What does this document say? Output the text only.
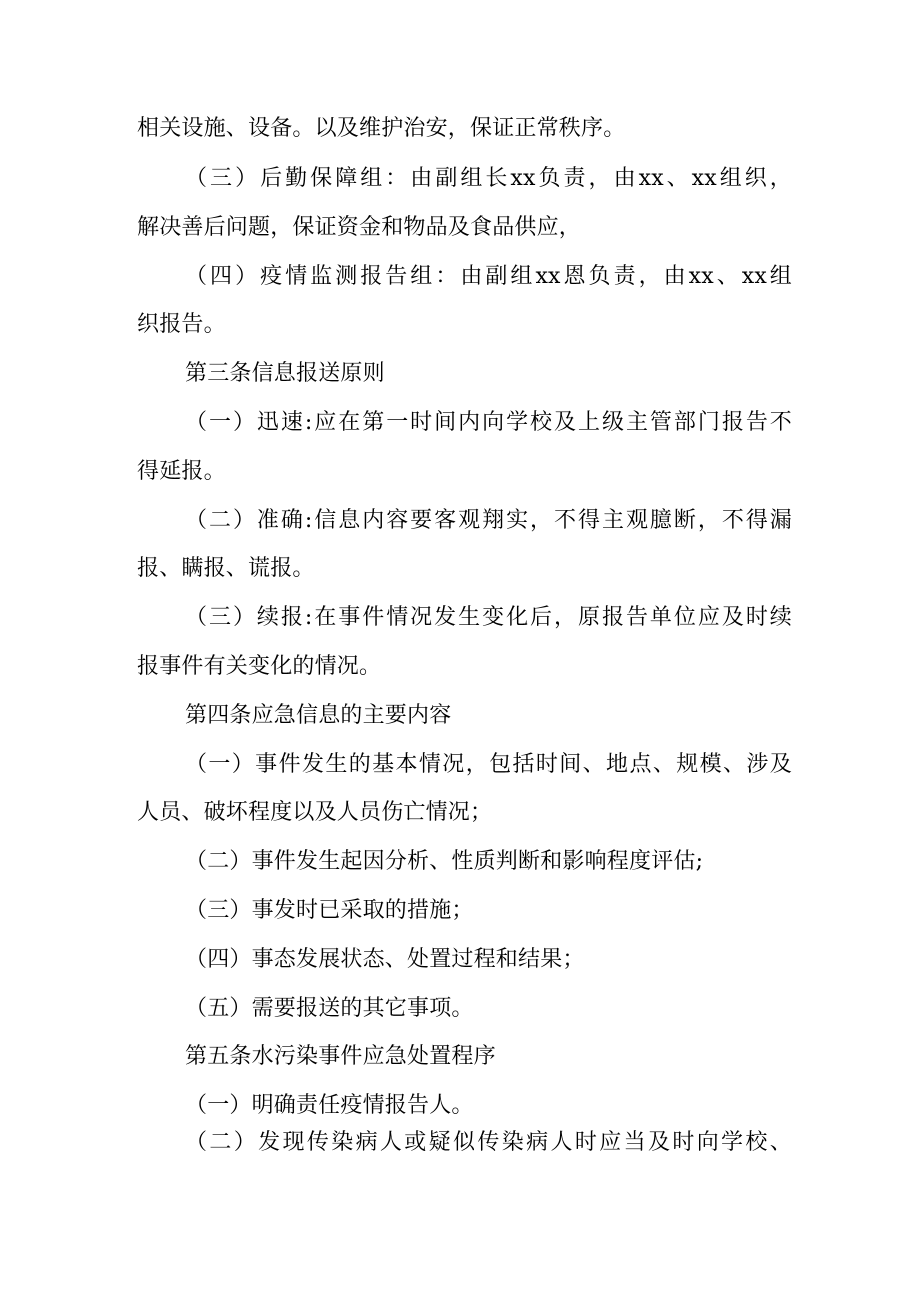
相关设施、设备。以及维护治安，保证正常秩序。
（三）后勤保障组：由副组长xx负责，由xx、xx组织，
解决善后问题，保证资金和物品及食品供应，
（四）疫情监测报告组：由副组xx恩负责，由xx、xx组
织报告。
第三条信息报送原则
（一）迅速:应在第一时间内向学校及上级主管部门报告不
得延报。
（二）准确:信息内容要客观翔实，不得主观臆断，不得漏
报、瞒报、谎报。
（三）续报:在事件情况发生变化后，原报告单位应及时续
报事件有关变化的情况。
第四条应急信息的主要内容
（一）事件发生的基本情况，包括时间、地点、规模、涉及
人员、破坏程度以及人员伤亡情况；
（二）事件发生起因分析、性质判断和影响程度评估;
（三）事发时已采取的措施；
（四）事态发展状态、处置过程和结果；
（五）需要报送的其它事项。
第五条水污染事件应急处置程序
（一）明确责任疫情报告人。
（二）发现传染病人或疑似传染病人时应当及时向学校、
